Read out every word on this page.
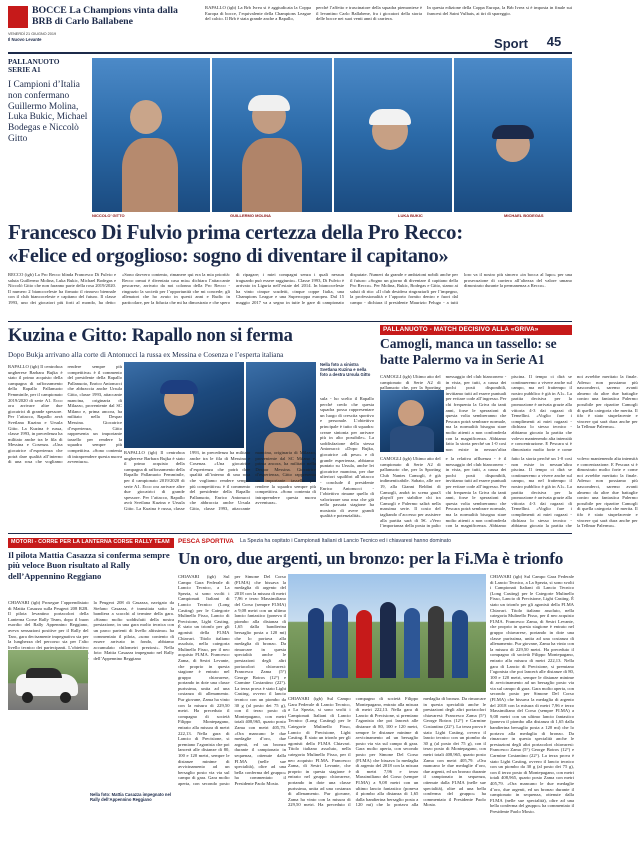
BOCCE La Champions vinta dalla BRB di Carlo Ballabene
VENERDÌ 21 GIUGNO 2019
Il Nuovo Levante
RAPALLO (igb) La Brb Ivrea si è aggiudicata la Coppa Europa di bocce, l’equivalente della Champions League del calcio. Il Brb è stata grande anche a Rapallo,
perché l’affetto e trascinatore della squadra piemontese è il levantino Carlo Ballabene, fra i giocatori della storia delle bocce nei suoi venti anni di carriera.
In questa edizione della Coppa Europa, la Brb Ivrea si è imposta in finale sui francesi del Saint Vulbais, ai tiri di spareggio.
Sport	45
PALLANUOTO SERIE A1
I Campioni d’Italia non confermano Guillermo Molina, Luka Bukic, Michael Bodegas e Niccolò Gitto
NICCOLO’ GITTO	GUILLERMO MOLINA	LUKA BUKIC	MICHAEL BODEGAS
Francesco Di Fulvio prima certezza della Pro Recco:
«Felice ed orgoglioso: sogno di diventare il capitano»
RECCO (igb) La Pro Recco blinda Francesco Di Fulvio e saluta Guillermo Molina, Luka Bukic, Michael Bodegas e Niccolò Gitto che non faranno parte della rosa 2019/2020. Il numero 2 biancoceleste ha firmato il rinnovo biennale con il club biancoceleste e capitano del futuro. Il classe 1993, uno dei giocatori più forti al mondo, ha detto: «Sono davvero contento, rimanere qui era la mia priorità: Recco ormai è diventata casa mia» dichiara l’attaccante pescarese, arrivato da noi colonna della Pro Recco - ringrazio la società per l’opportunità che mi concede; gli allenatori che ho avuto in questi anni e Rudic in particolare, per la fiducia che mi ha dimostrato e che spero di ripagare; i miei compagni senza i quali nessun traguardo può essere raggiunto». Classe 1993, Di Fulvio è arrivato in Liguria nell’estate del 2014. In biancoceleste ha vinto cinque scudetti, cinque coppe Italia, una Champions League e una Supercoppa europea. Dal 15 maggio 2017 va a segno in tutte le gare di campionato disputate. Numeri da grande e ambizioni nobili anche per il futuro: «Sogno un giorno di diventare il capitano della Pro Recco». Per Molina, Bukic, Bodegas e Gitto, siamo ai saluti di rito: «Il club desidera ringraziarli per l’impegno, la professionalità e l’apporto fornito dentro e fuori dal campo - dichiara il presidente Maurizio Felugo - a tutti loro va il nostro più sincero «in bocca al lupo» per una prosecuzione di carriera all’altezza del valore umano dimostrato durante la permanenza a Recco».
Kuzina e Gitto: Rapallo non si ferma
Dopo Bukja arrivano alla corte di Antonucci la russa ex Messina e Cosenza e l’esperta italiana
RAPALLO (igb) Il centroboa ungherese Barbara Bujka è stato il primo acquisto della campagna di rafforzamento della Rapallo Pallanuoto Femminile, per il campionato 2019/2020 di serie A1. Ecco ora arrivare altre due giocatrici di grande spessore. Per l’attacco, Rapallo avrà Svetlana Kuzina e Ursula Gitto. La Kuzina è russa, classe 1993, in precedenza ha militato anche tra le fila di Messina e Cosenza. «Una giocatrice d’esperienza che potrà dare qualità all’interno di una rosa che vogliamo rendere sempre più competitiva» è il commento del presidente della Rapallo Pallanuoto, Enrico Antonucci che abbraccia anche Ursula Gitto, classe 1993, attaccante mancina, originaria di Milazzo, proveniente dal SC Milano e, prima ancora, ha militato nella Despar Messina. Giocatrice d’esperienza, Gitto rappresenta un importante tassello per rendere la squadra sempre più competitiva. «Sono contenta di intraprendere questa nuova avventura».
Nella foto a sinistra Svetlana Kuzina e nella foto a destra Ursula Gitto
sula - ho scelto il Rapallo perché credo che questa squadra possa rappresentare un luogo di crescita sportivo e personale. L’obiettivo principale è tutto di squadra: creare sintonia per arrivare più in alto possibile». La soddisfazione della stessa Antonucci: «Dopo Bujka, giocatrice «di peso» e di grande esperienza, abbiamo puntato su Ursula, anche lei giocatrice mancina, per due ulteriori squilibri all’attacco - conclude il presidente Enrico Antonucci - l’obiettivo rimane quello di valorizzare una rosa che già nella passata stagione ha mostrato di avere grandi qualità e potenzialità».
RAPALLO (igb) Il centroboa ungherese Barbara Bujka è stato il primo acquisto della campagna di rafforzamento della Rapallo Pallanuoto Femminile, per il campionato 2019/2020 di serie A1. Ecco ora arrivare altre due giocatrici di grande spessore. Per l’attacco, Rapallo avrà Svetlana Kuzina e Ursula Gitto. La Kuzina è russa, classe 1993, in precedenza ha militato anche tra le fila di Messina e Cosenza. «Una giocatrice d’esperienza che potrà dare qualità all’interno di una rosa che vogliamo rendere sempre più competitiva» è il commento del presidente della Rapallo Pallanuoto, Enrico Antonucci che abbraccia anche Ursula Gitto, classe 1993, attaccante mancina, originaria di Milazzo, proveniente dal SC Milano e, prima ancora, ha militato nella Despar Messina. Giocatrice d’esperienza, Gitto rappresenta un importante tassello per rendere la squadra sempre più competitiva. «Sono contenta di intraprendere questa nuova avventura».
PALLANUOTO - MATCH DECISIVO ALLA «GRIVA»
Camogli, manca un tassello: se batte Palermo va in Serie A1
CAMOGLI (igb) Ultimo atto del campionato di Serie A2 di pallanuoto che, per la Sporting messaggio del club bianconero - in vista, per tutti, a causa dei pochi posti disponibili, invitiamo tutti ad essere puntuali per evitare code all’ingresso. Per chi frequenta la Griva da tanti anni, forse le sperazioni di questa volta sembreranno che Pescara potrà sembrare normale, ma la normalità bisogna stare molto attenti a non confonderla con la magnificenza. Abbiamo fatto la storia perché un 1-0 così non esiste in nessun’altra piscina. Il tempo ci dirà se continueremo a vivere anche sul campo, ma nel frattempo il nostro pubblico è già in A1». La partita decisiva per la promozione è arrivata grazie alla vittoria 4-3 dai ragazzi di Temellini. «Voglio fare i complimenti ai miei ragazzi - dichiara lo stesso tecnico - abbiamo giocato la partita che volevo mantenendo alta intensità e concentrazione. E Pescara si è dimostrato molto forte e come noi avrebbe meritato la finale. Adesso non possiamo più nasconderci, saremo avanti almeno da altre due battaglie contro una fantastica Palermo possibile per ripartire Camogli di quella categoria che merita. Il tifo è stato stupefacente e vincere qui sarà dura anche per la Tellmar Palermo».
CAMOGLI (igb) Ultimo atto del campionato di Serie A2 di pallanuoto che, per la Sporting Club Nantes Camogli, è già indimenticabile. Sabato, alle ore 19, alla Gianni Beldini di Camogli, andrà in scena gara3 playoff per stabilire chi tra Camogli e Palermo salirà nella massima serie. Il costo del tagliando d’accesso per assistere alla partita sarà di 5€. «Vero l’importanza della posta in palio e la relativa affluenza - è il messaggio del club bianconero - in vista, per tutti, a causa dei pochi posti disponibili, invitiamo tutti ad essere puntuali per evitare code all’ingresso. Per chi frequenta la Griva da tanti anni, forse le sperazioni di questa volta sembreranno che Pescara potrà sembrare normale, ma la normalità bisogna stare molto attenti a non confonderla con la magnificenza. Abbiamo fatto la storia perché un 1-0 così non esiste in nessun’altra piscina. Il tempo ci dirà se continueremo a vivere anche sul campo, ma nel frattempo il nostro pubblico è già in A1». La partita decisiva per la promozione è arrivata grazie alla vittoria 4-3 dai ragazzi di Temellini. «Voglio fare i complimenti ai miei ragazzi - dichiara lo stesso tecnico - abbiamo giocato la partita che volevo mantenendo alta intensità e concentrazione. E Pescara si è dimostrato molto forte e come noi avrebbe meritato la finale. Adesso non possiamo più nasconderci, saremo avanti almeno da altre due battaglie contro una fantastica Palermo possibile per ripartire Camogli di quella categoria che merita. Il tifo è stato stupefacente e vincere qui sarà dura anche per la Tellmar Palermo».
MOTORI - CORRE PER LA LANTERNA CORSE RALLY TEAM
Il pilota Mattia Casazza si conferma sempre più veloce Buon risultato al Rally dell’Appennino Reggiano
CHIAVARI (igb) Prosegue l’apprendistato di Mattia Casazza sulla Peugeot 208 R2B. Il pilota levantino portacolori della Lanterna Corse Rally Team, dopo il buon esordio del Rally Appennino Reggiano, aveva sensazioni positive per il Rally del Taro, gara decisamente impegnativa sia per la lunghezza del percorso sia per l’alto livello tecnico dei partecipanti. L’obiettivo la Peugeot 208 di Casazza, navigato da Stefano Casazza, è transitata sotto la bandiera a scacchi al termine della gara. «Siamo molto soddisfatti della nostra prestazione, in una gara molto tecnica con un parco partenti di livello altissimo» ha commentato il pilota, «sono contento di essere arrivato in fondo, abbiamo accumulato chilometri preziosi». Nella foto: Mattia Casazza impegnato nel Rally dell’Appennino Reggiano
Nella foto: Mattia Casazza impegnato nel Rally dell’Appennino Reggiano
PESCA SPORTIVA	La Spezia ha ospitato i Campionati Italiani di Lancio Tecnico ed i chiavaresi hanno dominato
Un oro, due argenti, un bronzo: per la Fi.Ma è trionfo
CHIAVARI (igb) Sul Campo Gara Federale di Lancio Tecnico, a La Spezia, si sono svolti i Campionati Italiani di Lancio Tecnico (Long Casting) per le Categorie Mulinello Fisso, Lancio di Precisione, Light Casting. È stato un trionfo per gli agonisti della FI.MA Chiavari. Titolo italiano assoluto, nella categoria Mulinello Fisso, per il neo acquisto FI.MA. Francesco Zama, di Sestri Levante, che proprio in questa stagione è entrato nel gruppo chiavarese, portando in dote una classe purissima, unita ad una costanza di allenamento. Pur giovane, Zama ha vinto con la misura di 229,50 metri. Ha preceduto il compagno di società Filippo Montepagano, entrato alla misura di metri 222,13. Nella gara di Lancio di Precisione, si premiano l’agonista che poi lancerà alle distanze di 80, 100 e 120 metri, sempre le distanze minime di avvicinamento ad un bersaglio posto via via sul campo di gara. Gara molto aperta, con secondo posto per Simone Del Corso (FI.MA) che bissava la medaglia di argento del 2018 con la misura di metri 7,96 e terzo Massimiliano del Corso (sempre FI.MA) a 9,08 metri con un ultimo lancio fantastico (poneva il piombo alla distanza di 1,65 dalla bandierina bersaglio posta a 120 mt) che lo portava alla medaglia di bronzo. Da rimarcare in questa specialità anche le prestazioni degli altri portacolori chiavaresi: Francesco Zama (5°) George Botros (12°) e Carmine Costantino (22°). La terza prova è stato Light Casting, ovvero il lancio tecnico con un piombo da 30 g (al posto dei 75 g), con il terzo posto di Montepagano, con metri totali 408,965, quarto posto Zama con metri 405,79. «Ora mancano le due medaglie d’oro, due argenti, ed un bronzo durante il campionato in sequenza, ottenute dalla FI.MA (nelle sue specialità), oltre ad una bella conferma del gruppo» ha commentato il Presidente Paolo Mosto.
CHIAVARI (igb) Sul Campo Gara Federale di Lancio Tecnico, a La Spezia, si sono svolti i Campionati Italiani di Lancio Tecnico (Long Casting) per le Categorie Mulinello Fisso, Lancio di Precisione, Light Casting. È stato un trionfo per gli agonisti della FI.MA Chiavari. Titolo italiano assoluto, nella categoria Mulinello Fisso, per il neo acquisto FI.MA. Francesco Zama, di Sestri Levante, che proprio in questa stagione è entrato nel gruppo chiavarese, portando in dote una classe purissima, unita ad una costanza di allenamento. Pur giovane, Zama ha vinto con la misura di 229,50 metri. Ha preceduto il compagno di società Filippo Montepagano, entrato alla misura di metri 222,13. Nella gara di Lancio di Precisione, si premiano l’agonista che poi lancerà alle distanze di 80, 100 e 120 metri, sempre le distanze minime di avvicinamento ad un bersaglio posto via via sul campo di gara. Gara molto aperta, con secondo posto per Simone Del Corso (FI.MA) che bissava la medaglia di argento del 2018 con la misura di metri 7,96 e terzo Massimiliano del Corso (sempre FI.MA) a 9,08 metri con un ultimo lancio fantastico (poneva il piombo alla distanza di 1,65 dalla bandierina bersaglio posta a 120 mt) che lo portava alla medaglia di bronzo. Da rimarcare in questa specialità anche le prestazioni degli altri portacolori chiavaresi: Francesco Zama (5°) George Botros (12°) e Carmine Costantino (22°). La terza prova è stato Light Casting, ovvero il lancio tecnico con un piombo da 30 g (al posto dei 75 g), con il terzo posto di Montepagano, con metri totali 408,965, quarto posto Zama con metri 405,79. «Ora mancano le due medaglie d’oro, due argenti, ed un bronzo durante il campionato in sequenza, ottenute dalla FI.MA (nelle sue specialità), oltre ad una bella conferma del gruppo» ha commentato il Presidente Paolo Mosto.
CHIAVARI (igb) Sul Campo Gara Federale di Lancio Tecnico, a La Spezia, si sono svolti i Campionati Italiani di Lancio Tecnico (Long Casting) per le Categorie Mulinello Fisso, Lancio di Precisione, Light Casting. È stato un trionfo per gli agonisti della FI.MA Chiavari. Titolo italiano assoluto, nella categoria Mulinello Fisso, per il neo acquisto FI.MA. Francesco Zama, di Sestri Levante, che proprio in questa stagione è entrato nel gruppo chiavarese, portando in dote una classe purissima, unita ad una costanza di allenamento. Pur giovane, Zama ha vinto con la misura di 229,50 metri. Ha preceduto il compagno di società Filippo Montepagano, entrato alla misura di metri 222,13. Nella gara di Lancio di Precisione, si premiano l’agonista che poi lancerà alle distanze di 80, 100 e 120 metri, sempre le distanze minime di avvicinamento ad un bersaglio posto via via sul campo di gara. Gara molto aperta, con secondo posto per Simone Del Corso (FI.MA) che bissava la medaglia di argento del 2018 con la misura di metri 7,96 e terzo Massimiliano del Corso (sempre FI.MA) a 9,08 metri con un ultimo lancio fantastico (poneva il piombo alla distanza di 1,65 dalla bandierina bersaglio posta a 120 mt) che lo portava alla medaglia di bronzo. Da rimarcare in questa specialità anche le prestazioni degli altri portacolori chiavaresi: Francesco Zama (5°) George Botros (12°) e Carmine Costantino (22°). La terza prova è stato Light Casting, ovvero il lancio tecnico con un piombo da 30 g (al posto dei 75 g), con il terzo posto di Montepagano, con metri totali 408,965, quarto posto Zama con metri 405,79. «Ora mancano le due medaglie d’oro, due argenti, ed un bronzo durante il campionato in sequenza, ottenute dalla FI.MA (nelle sue specialità), oltre ad una bella conferma del gruppo» ha commentato il Presidente Paolo Mosto.
